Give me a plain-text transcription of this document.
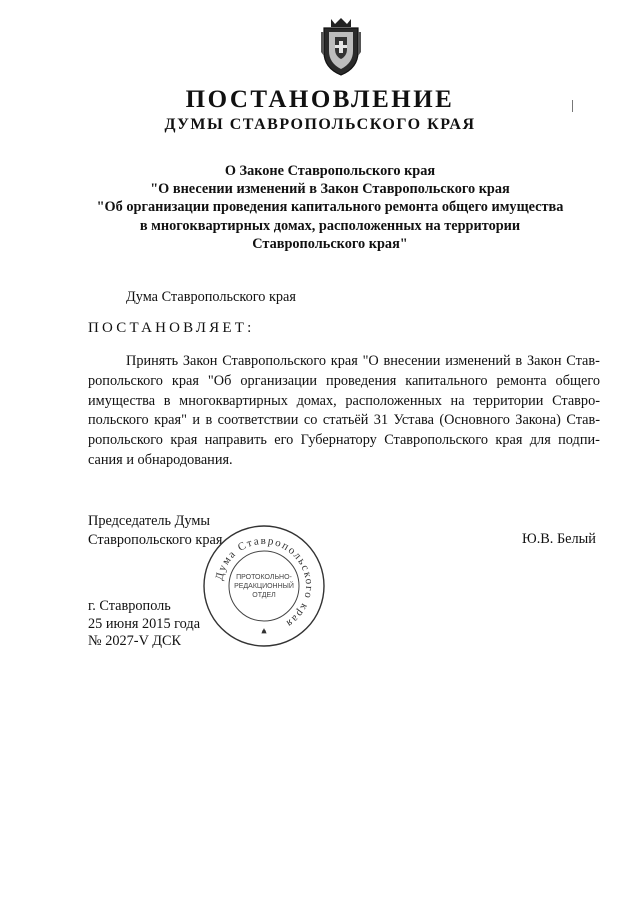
ПОСТАНОВЛЕНИЕ
ДУМЫ СТАВРОПОЛЬСКОГО КРАЯ
О Законе Ставропольского края
"О внесении изменений в Закон Ставропольского края
"Об организации проведения капитального ремонта общего имущества
в многоквартирных домах, расположенных на территории
Ставропольского края"
Дума Ставропольского края
ПОСТАНОВЛЯЕТ:
Принять Закон Ставропольского края "О внесении изменений в Закон Став-
ропольского края "Об организации проведения капитального ремонта общего
имущества в многоквартирных домах, расположенных на территории Ставро-
польского края" и в соответствии со статьёй 31 Устава (Основного Закона) Став-
ропольского края направить его Губернатору Ставропольского края для подпи-
сания и обнародования.
Председатель Думы
Ставропольского края	Ю.В. Белый
г. Ставрополь
25 июня 2015 года
№ 2027-V ДСК
Дума Ставропольского края
ПРОТОКОЛЬНО-
РЕДАКЦИОННЫЙ
ОТДЕЛ
